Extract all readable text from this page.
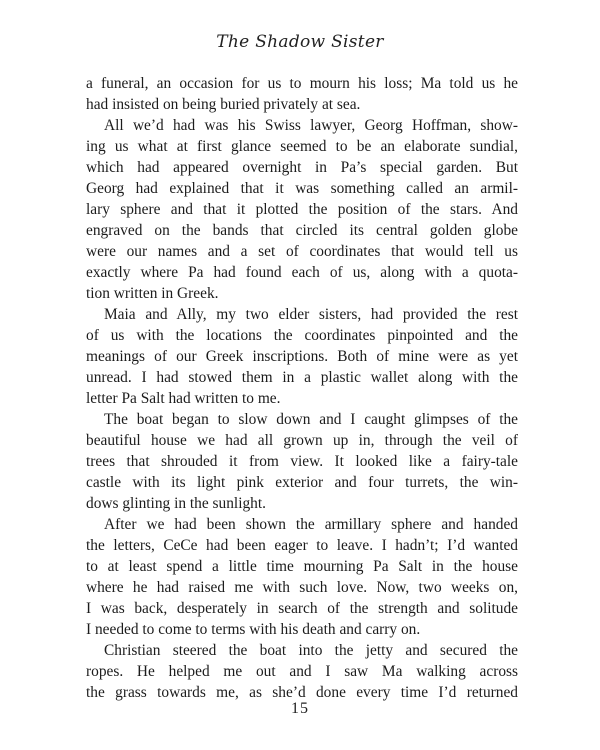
The Shadow Sister
a funeral, an occasion for us to mourn his loss; Ma told us he
had insisted on being buried privately at sea.
All we’d had was his Swiss lawyer, Georg Hoffman, show-
ing us what at first glance seemed to be an elaborate sundial,
which had appeared overnight in Pa’s special garden. But
Georg had explained that it was something called an armil-
lary sphere and that it plotted the position of the stars. And
engraved on the bands that circled its central golden globe
were our names and a set of coordinates that would tell us
exactly where Pa had found each of us, along with a quota-
tion written in Greek.
Maia and Ally, my two elder sisters, had provided the rest
of us with the locations the coordinates pinpointed and the
meanings of our Greek inscriptions. Both of mine were as yet
unread. I had stowed them in a plastic wallet along with the
letter Pa Salt had written to me.
The boat began to slow down and I caught glimpses of the
beautiful house we had all grown up in, through the veil of
trees that shrouded it from view. It looked like a fairy-tale
castle with its light pink exterior and four turrets, the win-
dows glinting in the sunlight.
After we had been shown the armillary sphere and handed
the letters, CeCe had been eager to leave. I hadn’t; I’d wanted
to at least spend a little time mourning Pa Salt in the house
where he had raised me with such love. Now, two weeks on,
I was back, desperately in search of the strength and solitude
I needed to come to terms with his death and carry on.
Christian steered the boat into the jetty and secured the
ropes. He helped me out and I saw Ma walking across
the grass towards me, as she’d done every time I’d returned
15
